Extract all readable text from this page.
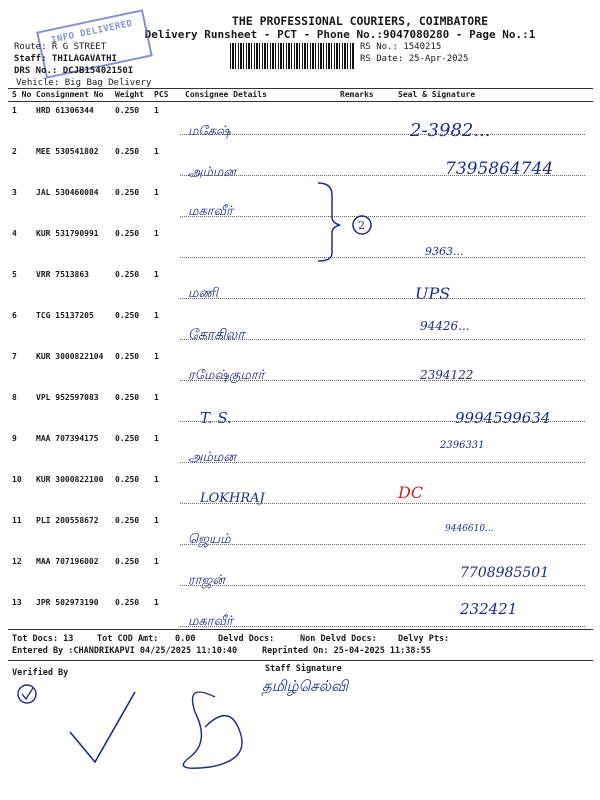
THE PROFESSIONAL COURIERS, COIMBATORE
Delivery Runsheet - PCT - Phone No.:9047080280 - Page No.:1
INFO DELIVERED
Route: R G STREET
Staff: THILAGAVATHI
DRS No.: DCJB15402150I
Vehicle: Big Bag Delivery
RS No.: 1540215
RS Date: 25-Apr-2025
S No Consignment No Weight PCS Consignee Details	Remarks	Seal & Signature
1 HRD 61306344	0.250 1
மகேஷ்	2-3982...
2 MEE 530541802 0.250 1
அம்மன	7395864744
3 JAL 530460084 0.250 1
மகாவீர்
4 KUR 531790991 0.250 1
9363...
5 VRR 7513863	0.250 1
மணி	UPS
6 TCG 15137205	0.250 1
கோகிலா
94426...
7 KUR 3000822104 0.250 1
ரமேஷ்குமார்	2394122
8 VPL 952597083 0.250 1
T. S.	9994599634
9 MAA 707394175 0.250 1
அம்மன
2396331
10 KUR 3000822100 0.250 1
LOKHRAJ	DC
11 PLI 200558672 0.250 1
ஜெயம்
9446610...
12 MAA 707196002 0.250 1
ராஜன்	7708985501
13 JPR 502973190 0.250 1
மகாவீர்
232421
2
Tot Docs: 13	Tot COD Amt: 0.00	Delvd Docs:	Non Delvd Docs: Delvy Pts:
Entered By :CHANDRIKAPVI 04/25/2025 11:10:40	Reprinted On: 25-04-2025 11:38:55
Verified By	Staff Signature
தமிழ்செல்வி
